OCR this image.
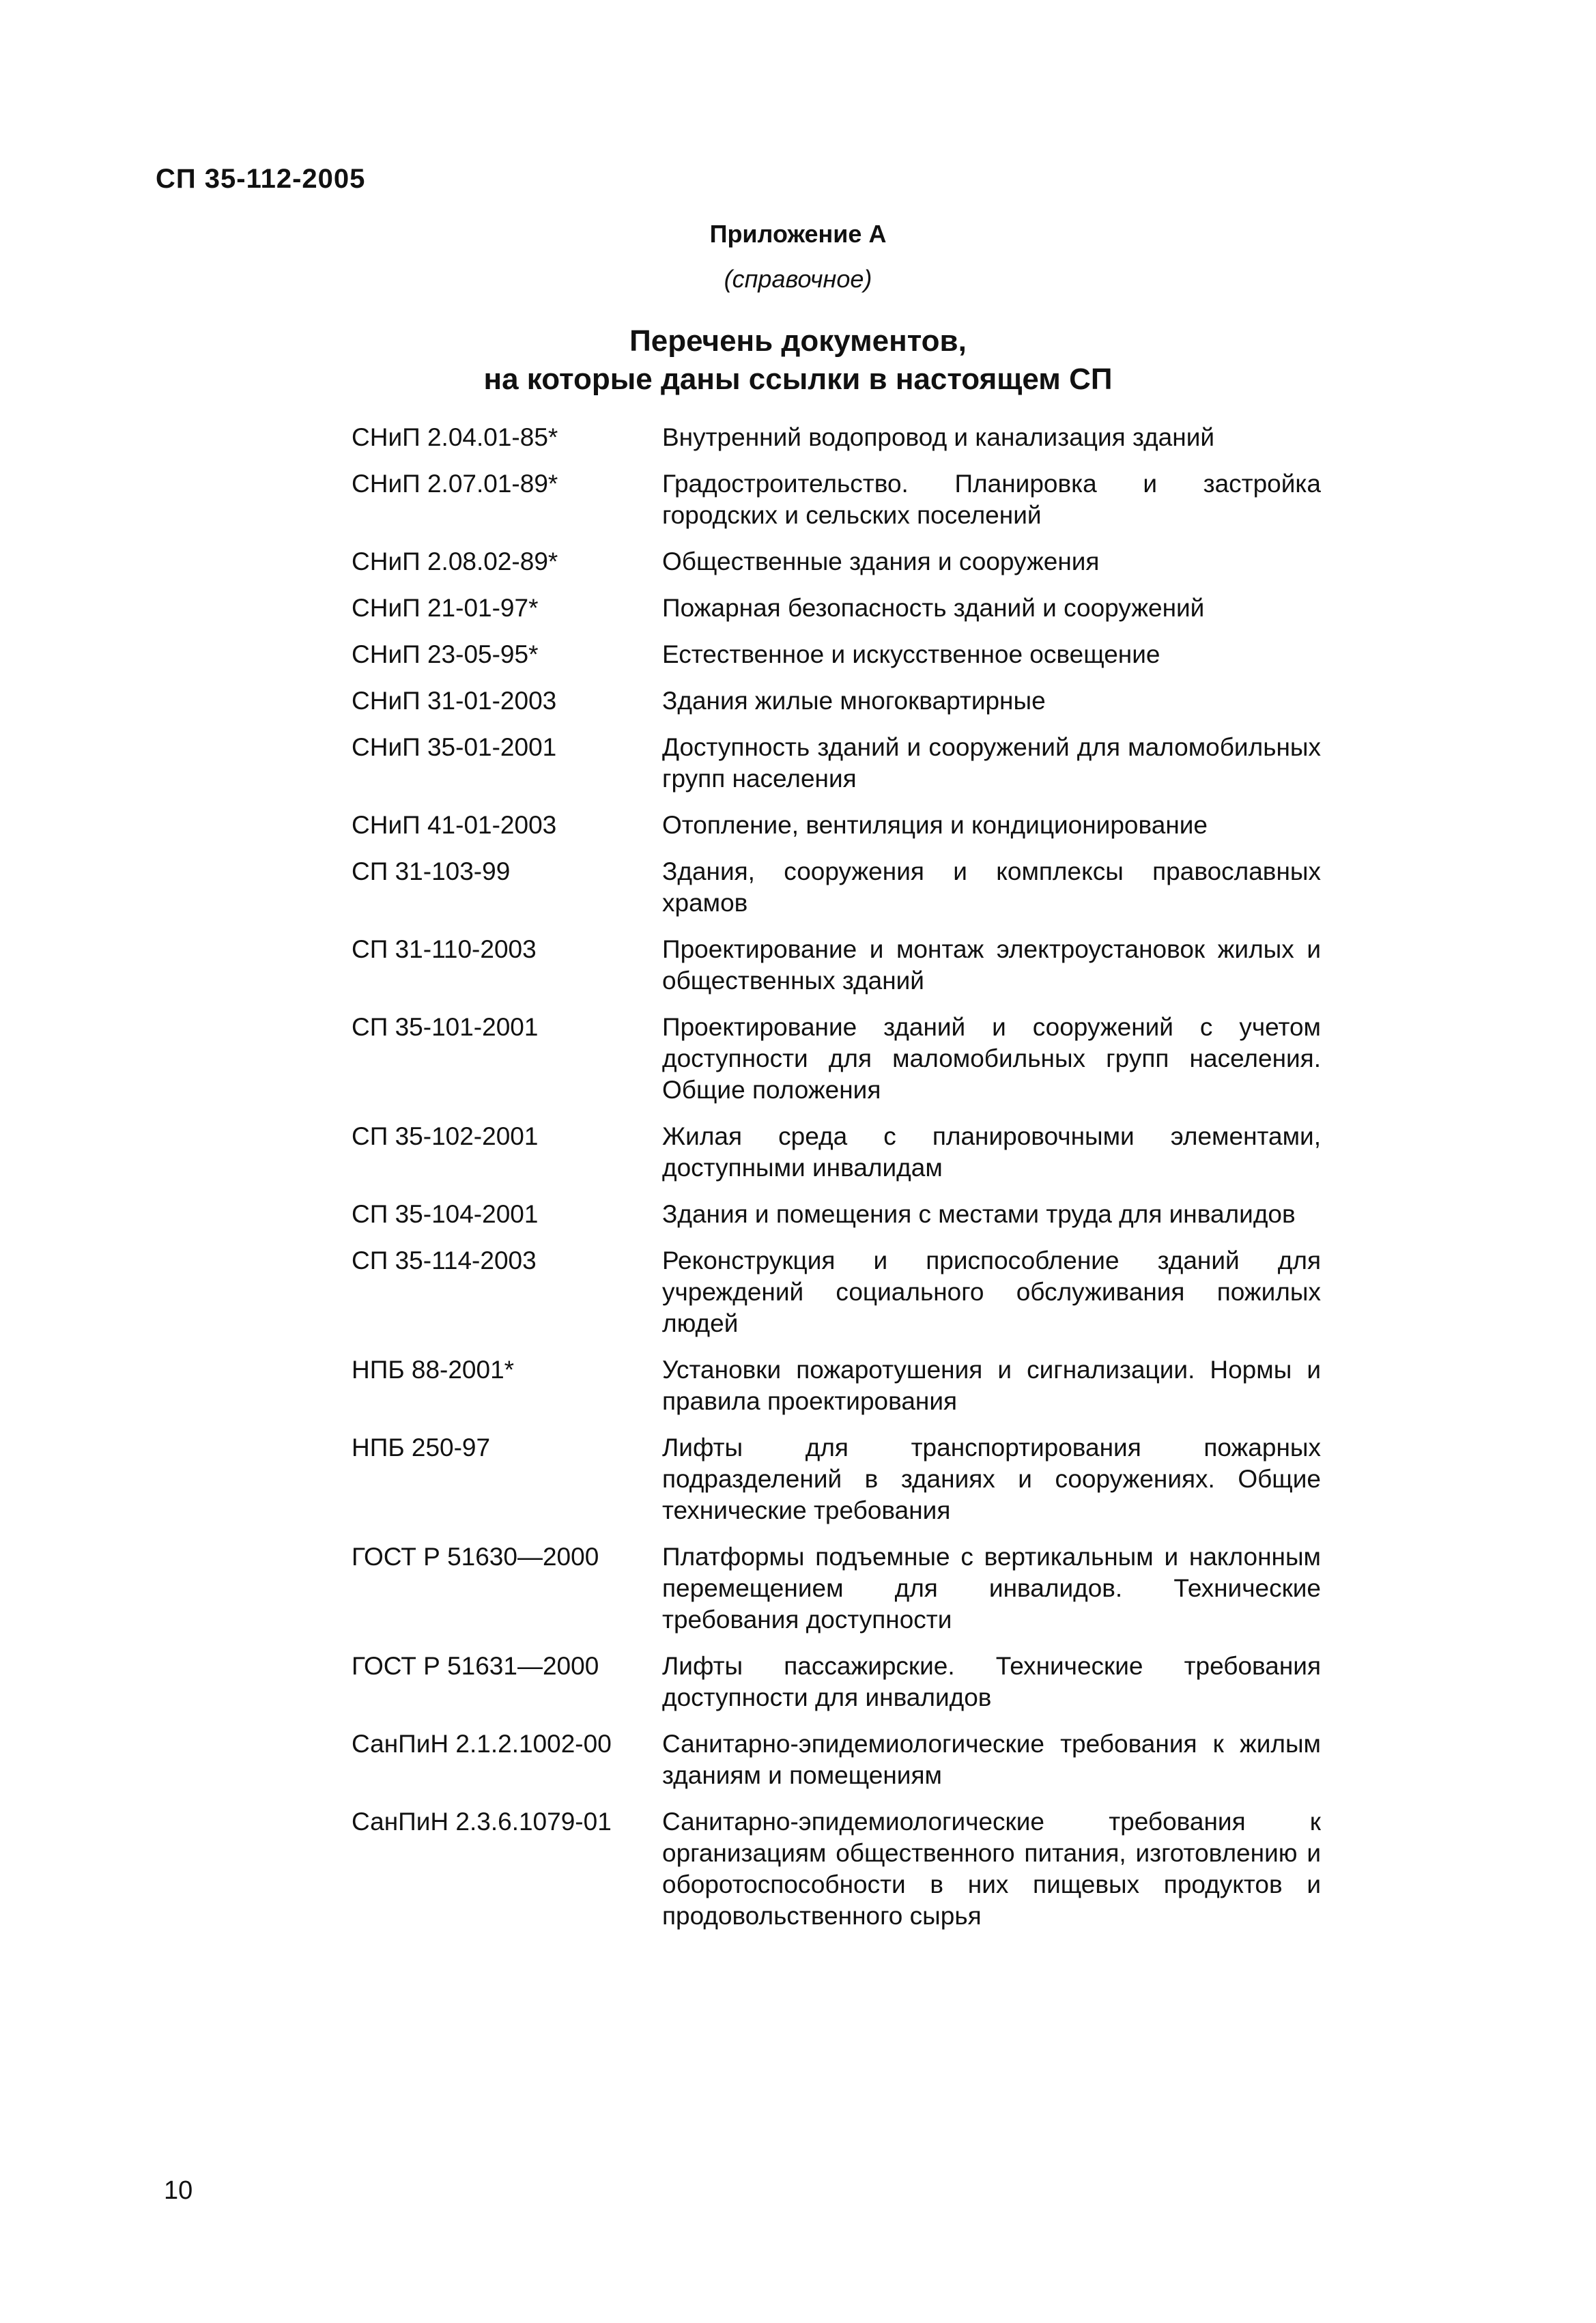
СП 35-112-2005
Приложение А
(справочное)
Перечень документов,
на которые даны ссылки в настоящем СП
СНиП 2.04.01-85*	Внутренний водопровод и канализация зданий
СНиП 2.07.01-89*	Градостроительство. Планировка и застройка городских и сельских поселений
СНиП 2.08.02-89*	Общественные здания и сооружения
СНиП 21-01-97*	Пожарная безопасность зданий и сооружений
СНиП 23-05-95*	Естественное и искусственное освещение
СНиП 31-01-2003	Здания жилые многоквартирные
СНиП 35-01-2001	Доступность зданий и сооружений для маломобильных групп населения
СНиП 41-01-2003	Отопление, вентиляция и кондиционирование
СП 31-103-99	Здания, сооружения и комплексы православных храмов
СП 31-110-2003	Проектирование и монтаж электроустановок жилых и общественных зданий
СП 35-101-2001	Проектирование зданий и сооружений с учетом доступности для маломобильных групп населения. Общие положения
СП 35-102-2001	Жилая среда с планировочными элементами, доступными инвалидам
СП 35-104-2001	Здания и помещения с местами труда для инвалидов
СП 35-114-2003	Реконструкция и приспособление зданий для учреждений социального обслуживания пожилых людей
НПБ 88-2001*	Установки пожаротушения и сигнализации. Нормы и правила проектирования
НПБ 250-97	Лифты для транспортирования пожарных подразделений в зданиях и сооружениях. Общие технические требования
ГОСТ Р 51630—2000	Платформы подъемные с вертикальным и наклонным перемещением для инвалидов. Технические требования доступности
ГОСТ Р 51631—2000	Лифты пассажирские. Технические требования доступности для инвалидов
СанПиН 2.1.2.1002-00	Санитарно-эпидемиологические требования к жилым зданиям и помещениям
СанПиН 2.3.6.1079-01	Санитарно-эпидемиологические требования к организациям общественного питания, изготовлению и оборотоспособности в них пищевых продуктов и продовольственного сырья
10
